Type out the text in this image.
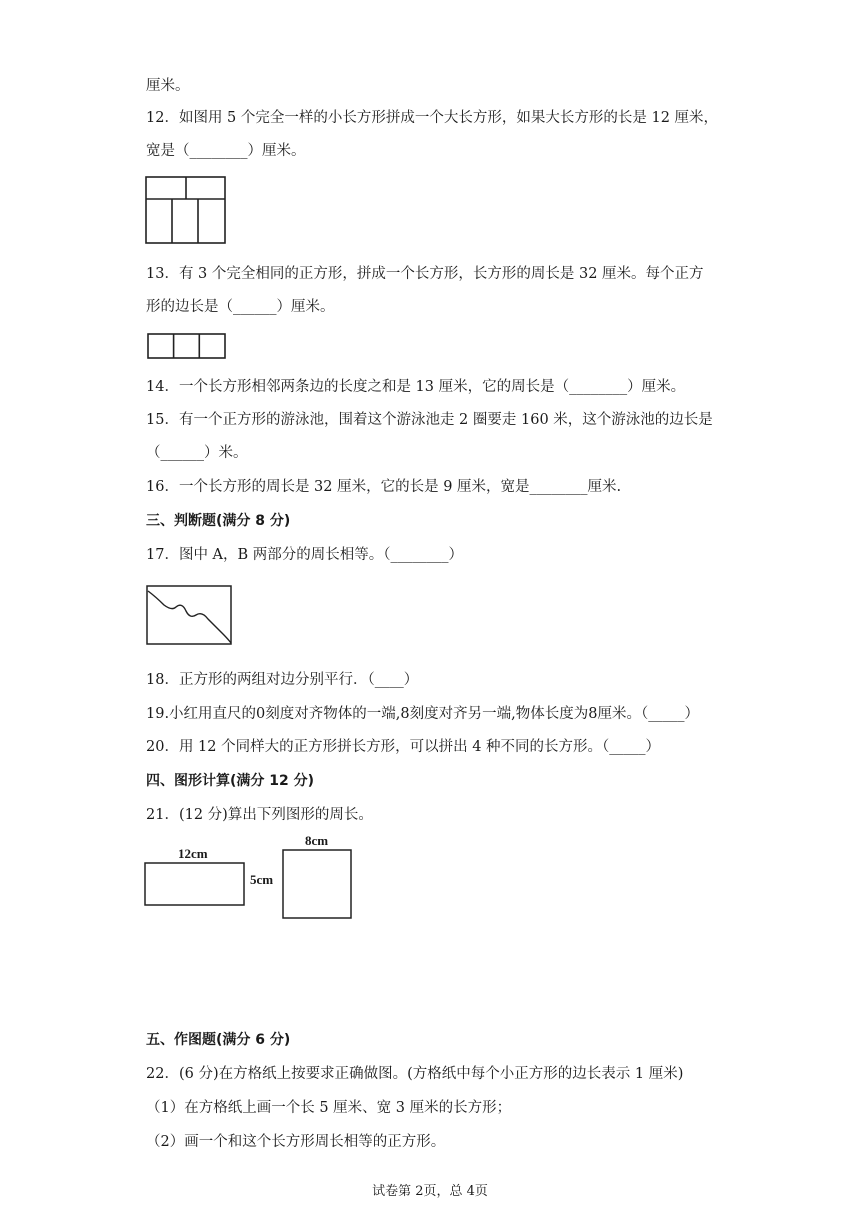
厘米。
12．如图用 5 个完全一样的小长方形拼成一个大长方形，如果大长方形的长是 12 厘米，
宽是（________）厘米。
13．有 3 个完全相同的正方形，拼成一个长方形，长方形的周长是 32 厘米。每个正方
形的边长是（______）厘米。
14．一个长方形相邻两条边的长度之和是 13 厘米，它的周长是（________）厘米。
15．有一个正方形的游泳池，围着这个游泳池走 2 圈要走 160 米，这个游泳池的边长是
（______）米。
16．一个长方形的周长是 32 厘米，它的长是 9 厘米，宽是________厘米.
三、判断题(满分 8 分)
17．图中 A，B 两部分的周长相等。（________）
18．正方形的两组对边分别平行．（____）
19.小红用直尺的0刻度对齐物体的一端,8刻度对齐另一端,物体长度为8厘米。（_____）
20．用 12 个同样大的正方形拼长方形，可以拼出 4 种不同的长方形。（_____）
四、图形计算(满分 12 分)
21．(12 分)算出下列图形的周长。
12cm
5cm
8cm
五、作图题(满分 6 分)
22．(6 分)在方格纸上按要求正确做图。(方格纸中每个小正方形的边长表示 1 厘米)
（1）在方格纸上画一个长 5 厘米、宽 3 厘米的长方形；
（2）画一个和这个长方形周长相等的正方形。
试卷第 2页，总 4页
